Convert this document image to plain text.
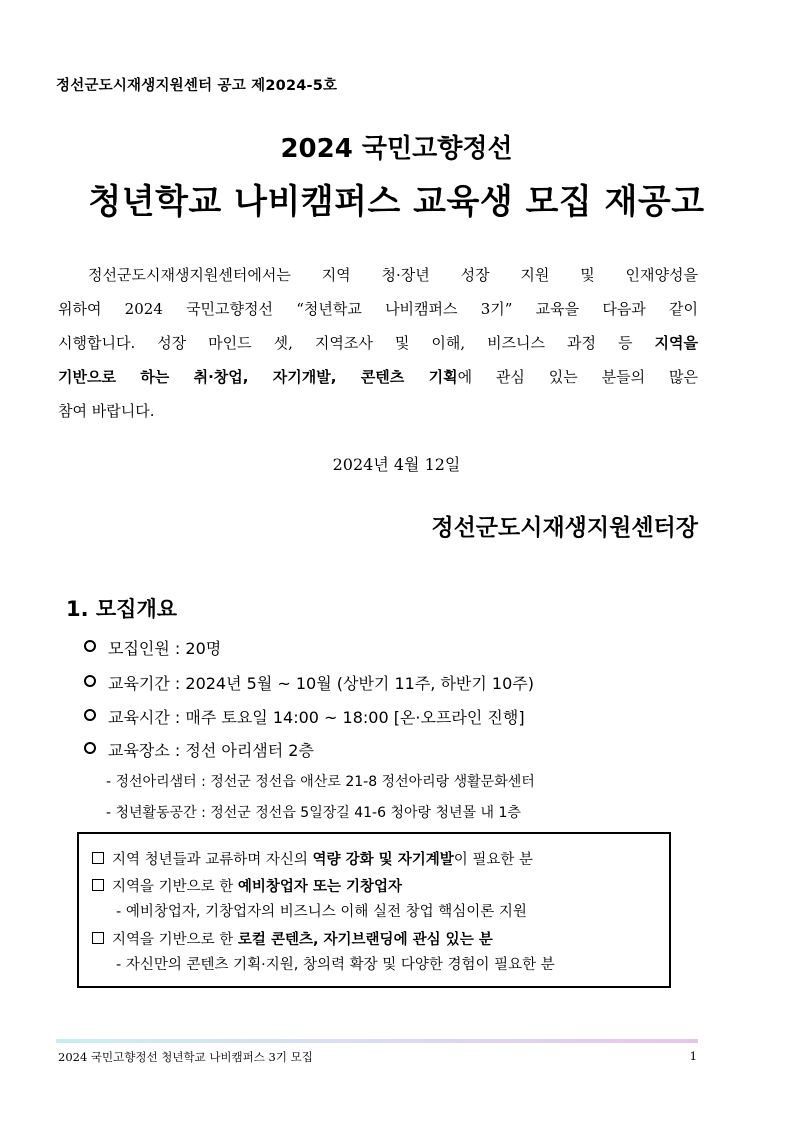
정선군도시재생지원센터 공고 제2024-5호
2024 국민고향정선
청년학교 나비캠퍼스 교육생 모집 재공고
정선군도시재생지원센터에서는 지역 청·장년 성장 지원 및 인재양성을
위하여 2024 국민고향정선 “청년학교 나비캠퍼스 3기” 교육을 다음과 같이
시행합니다. 성장 마인드 셋, 지역조사 및 이해, 비즈니스 과정 등 지역을
기반으로 하는 취·창업, 자기개발, 콘텐츠 기획에 관심 있는 분들의 많은
참여 바랍니다.
2024년 4월 12일
정선군도시재생지원센터장
1. 모집개요
모집인원 : 20명
교육기간 : 2024년 5월 ~ 10월 (상반기 11주, 하반기 10주)
교육시간 : 매주 토요일 14:00 ~ 18:00 [온·오프라인 진행]
교육장소 : 정선 아리샘터 2층
- 정선아리샘터 : 정선군 정선읍 애산로 21-8 정선아리랑 생활문화센터
- 청년활동공간 : 정선군 정선읍 5일장길 41-6 청아랑 청년몰 내 1층
지역 청년들과 교류하며 자신의 역량 강화 및 자기계발이 필요한 분
지역을 기반으로 한 예비창업자 또는 기창업자
- 예비창업자, 기창업자의 비즈니스 이해 실전 창업 핵심이론 지원
지역을 기반으로 한 로컬 콘텐츠, 자기브랜딩에 관심 있는 분
- 자신만의 콘텐츠 기획·지원, 창의력 확장 및 다양한 경험이 필요한 분
2024 국민고향정선 청년학교 나비캠퍼스 3기 모집	1
